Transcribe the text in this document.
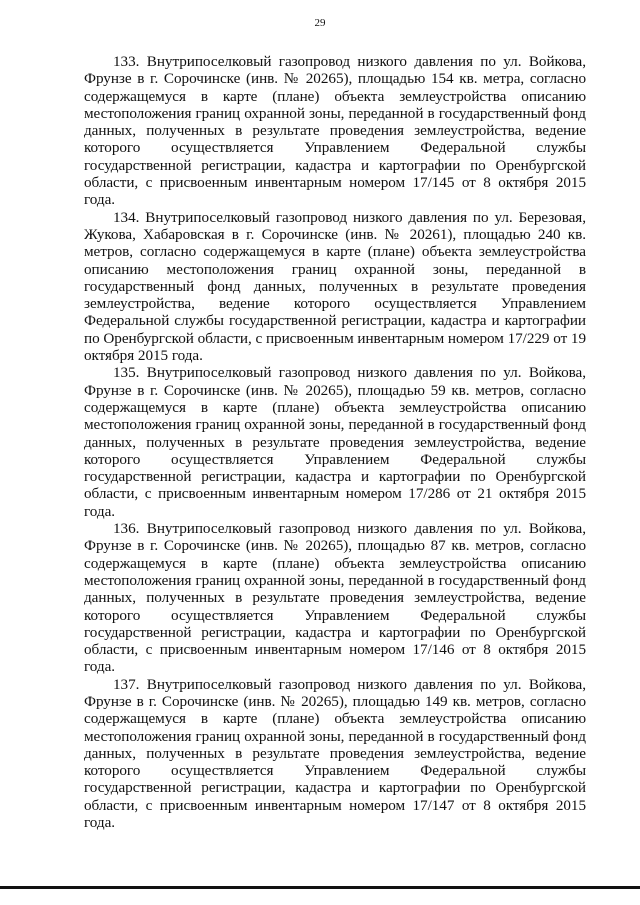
29

133. Внутрипоселковый газопровод низкого давления по ул. Войкова, Фрунзе в г. Сорочинске (инв. № 20265), площадью 154 кв. метра, согласно содержащемуся в карте (плане) объекта землеустройства описанию местоположения границ охранной зоны, переданной в государственный фонд данных, полученных в результате проведения землеустройства, ведение которого осуществляется Управлением Федеральной службы государственной регистрации, кадастра и картографии по Оренбургской области, с присвоенным инвентарным номером 17/145 от 8 октября 2015 года.

134. Внутрипоселковый газопровод низкого давления по ул. Березовая, Жукова, Хабаровская в г. Сорочинске (инв. № 20261), площадью 240 кв. метров, согласно содержащемуся в карте (плане) объекта землеустройства описанию местоположения границ охранной зоны, переданной в государственный фонд данных, полученных в результате проведения землеустройства, ведение которого осуществляется Управлением Федеральной службы государственной регистрации, кадастра и картографии по Оренбургской области, с присвоенным инвентарным номером 17/229 от 19 октября 2015 года.

135. Внутрипоселковый газопровод низкого давления по ул. Войкова, Фрунзе в г. Сорочинске (инв. № 20265), площадью 59 кв. метров, согласно содержащемуся в карте (плане) объекта землеустройства описанию местоположения границ охранной зоны, переданной в государственный фонд данных, полученных в результате проведения землеустройства, ведение которого осуществляется Управлением Федеральной службы государственной регистрации, кадастра и картографии по Оренбургской области, с присвоенным инвентарным номером 17/286 от 21 октября 2015 года.

136. Внутрипоселковый газопровод низкого давления по ул. Войкова, Фрунзе в г. Сорочинске (инв. № 20265), площадью 87 кв. метров, согласно содержащемуся в карте (плане) объекта землеустройства описанию местоположения границ охранной зоны, переданной в государственный фонд данных, полученных в результате проведения землеустройства, ведение которого осуществляется Управлением Федеральной службы государственной регистрации, кадастра и картографии по Оренбургской области, с присвоенным инвентарным номером 17/146 от 8 октября 2015 года.

137. Внутрипоселковый газопровод низкого давления по ул. Войкова, Фрунзе в г. Сорочинске (инв. № 20265), площадью 149 кв. метров, согласно содержащемуся в карте (плане) объекта землеустройства описанию местоположения границ охранной зоны, переданной в государственный фонд данных, полученных в результате проведения землеустройства, ведение которого осуществляется Управлением Федеральной службы государственной регистрации, кадастра и картографии по Оренбургской области, с присвоенным инвентарным номером 17/147 от 8 октября 2015 года.
